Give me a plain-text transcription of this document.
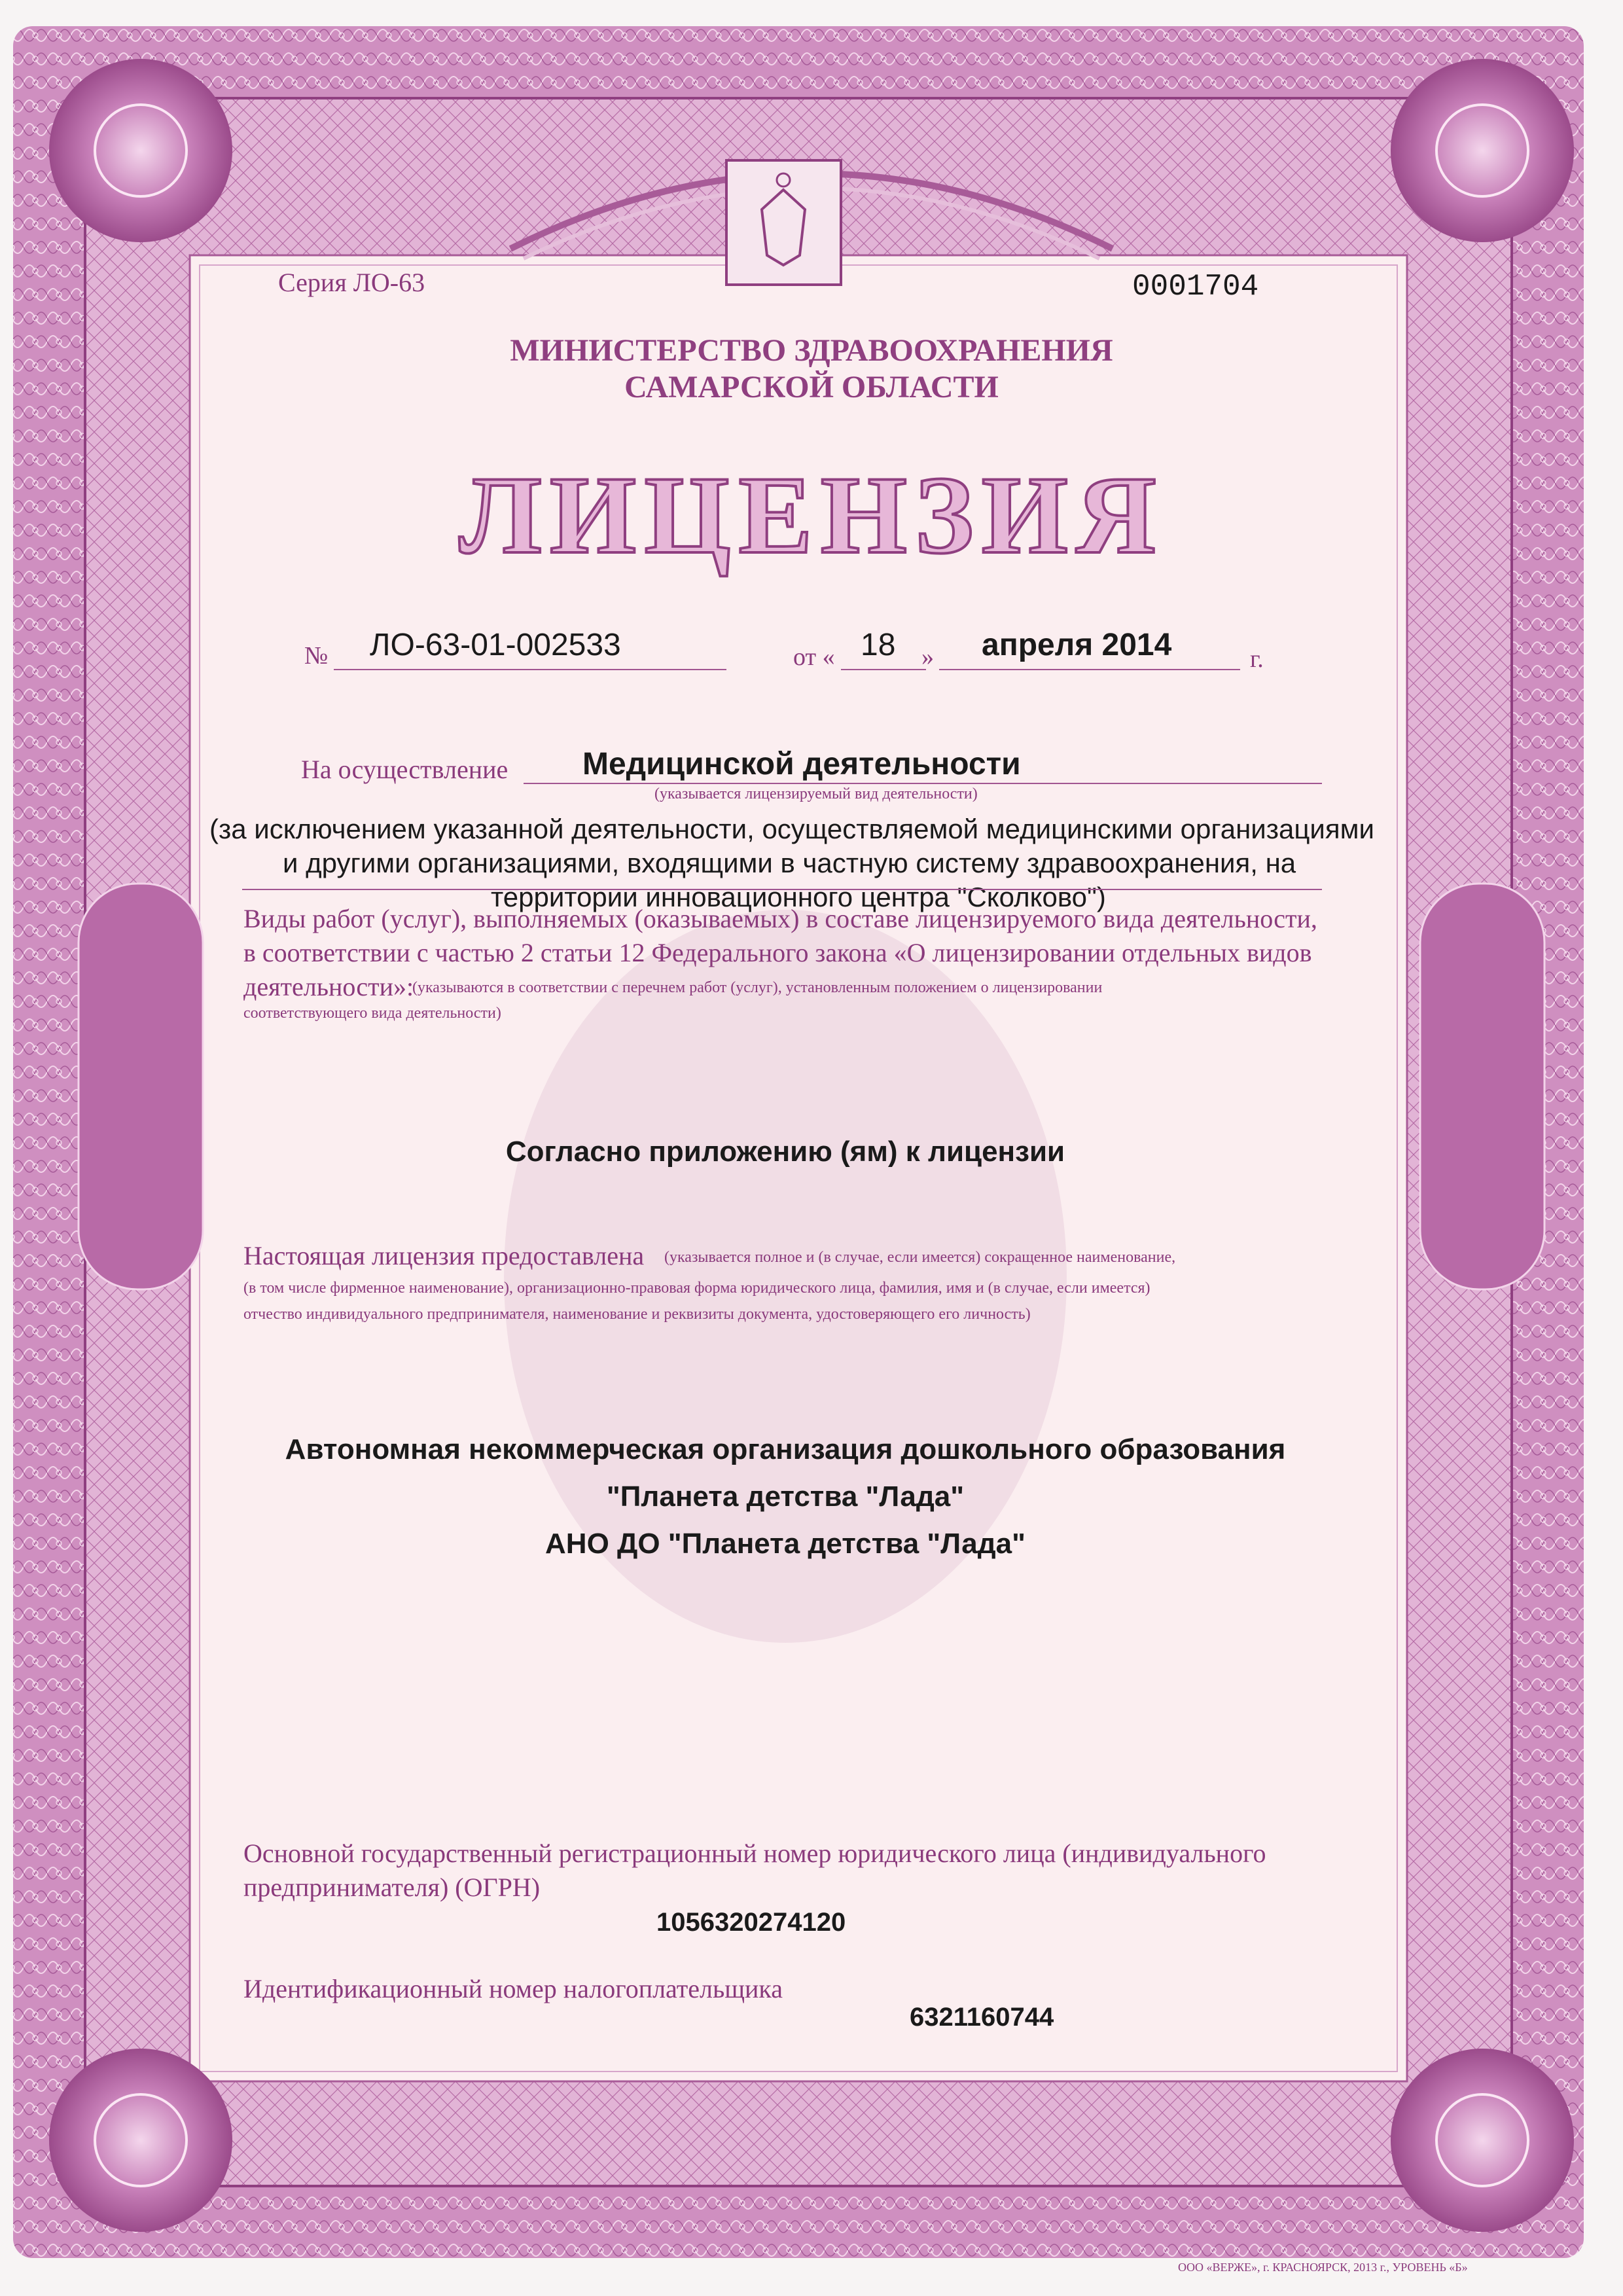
Серия ЛО-63	0001704

МИНИСТЕРСТВО ЗДРАВООХРАНЕНИЯ

САМАРСКОЙ ОБЛАСТИ

ЛИЦЕНЗИЯ

№ ЛО-63-01-002533	от « 18 » апреля 2014	г.

На осуществление Медицинской деятельности

(указывается лицензируемый вид деятельности)

(за исключением указанной деятельности, осуществляемой медицинскими организациями

и другими организациями, входящими в частную систему здравоохранения, на

территории инновационного центра "Сколково")

Виды работ (услуг), выполняемых (оказываемых) в составе лицензируемого вида деятельности,

в соответствии с частью 2 статьи 12 Федерального закона «О лицензировании отдельных видов

деятельности»:

(указываются в соответствии с перечнем работ (услуг), установленным положением о лицензировании

соответствующего вида деятельности)

Согласно приложению (ям) к лицензии

Настоящая лицензия предоставлена (указывается полное и (в случае, если имеется) сокращенное наименование,

(в том числе фирменное наименование), организационно-правовая форма юридического лица, фамилия, имя и (в случае, если имеется)

отчество индивидуального предпринимателя, наименование и реквизиты документа, удостоверяющего его личность)

Автономная некоммерческая организация дошкольного образования

"Планета детства "Лада"

АНО ДО "Планета детства "Лада"

Основной государственный регистрационный номер юридического лица (индивидуального

предпринимателя) (ОГРН)

1056320274120

Идентификационный номер налогоплательщика

6321160744

ООО «ВЕРЖЕ», г. КРАСНОЯРСК, 2013 г., УРОВЕНЬ «Б»
